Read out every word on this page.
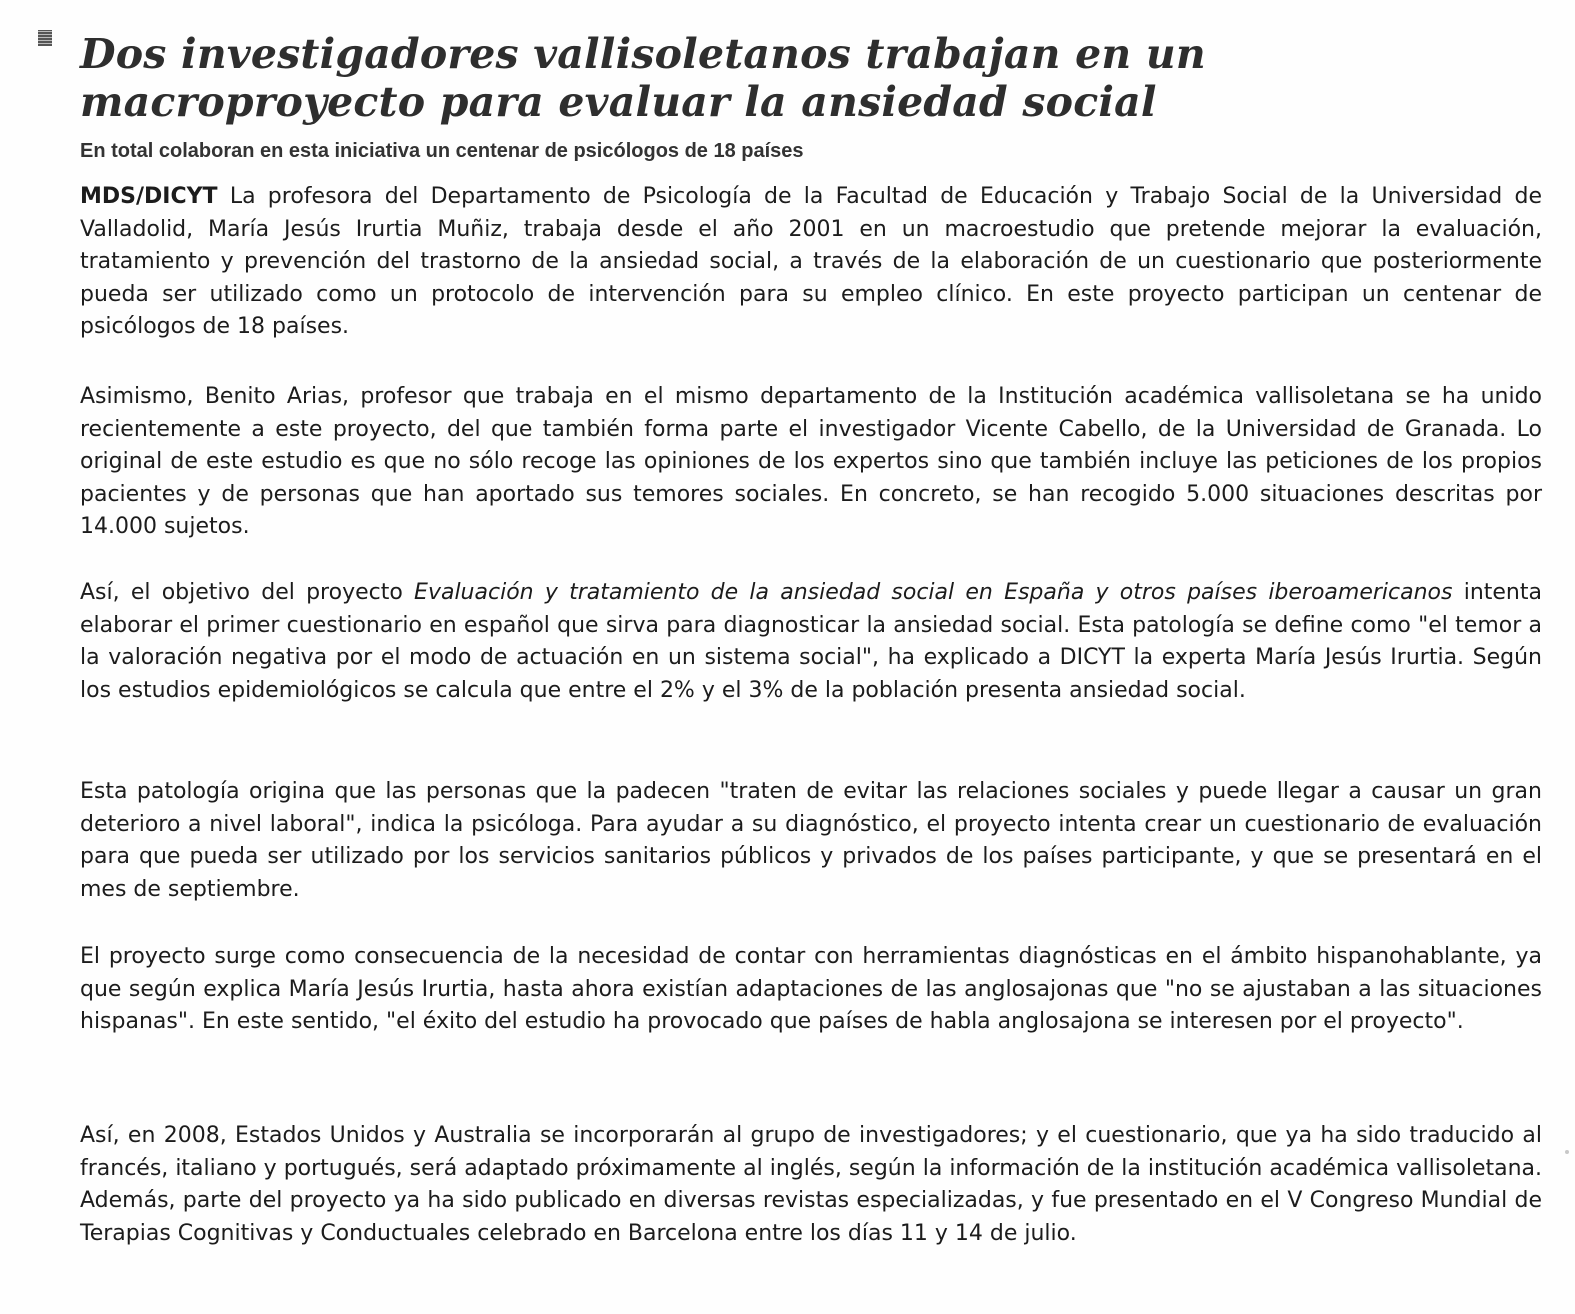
Dos investigadores vallisoletanos trabajan en un macroproyecto para evaluar la ansiedad social

En total colaboran en esta iniciativa un centenar de psicólogos de 18 países

MDS/DICYT La profesora del Departamento de Psicología de la Facultad de Educación y Trabajo Social de la Universidad de Valladolid, María Jesús Irurtia Muñiz, trabaja desde el año 2001 en un macroestudio que pretende mejorar la evaluación, tratamiento y prevención del trastorno de la ansiedad social, a través de la elaboración de un cuestionario que posteriormente pueda ser utilizado como un protocolo de intervención para su empleo clínico. En este proyecto participan un centenar de psicólogos de 18 países.

Asimismo, Benito Arias, profesor que trabaja en el mismo departamento de la Institución académica vallisoletana se ha unido recientemente a este proyecto, del que también forma parte el investigador Vicente Cabello, de la Universidad de Granada. Lo original de este estudio es que no sólo recoge las opiniones de los expertos sino que también incluye las peticiones de los propios pacientes y de personas que han aportado sus temores sociales. En concreto, se han recogido 5.000 situaciones descritas por 14.000 sujetos.

Así, el objetivo del proyecto Evaluación y tratamiento de la ansiedad social en España y otros países iberoamericanos intenta elaborar el primer cuestionario en español que sirva para diagnosticar la ansiedad social. Esta patología se define como "el temor a la valoración negativa por el modo de actuación en un sistema social", ha explicado a DICYT la experta María Jesús Irurtia. Según los estudios epidemiológicos se calcula que entre el 2% y el 3% de la población presenta ansiedad social.

Esta patología origina que las personas que la padecen "traten de evitar las relaciones sociales y puede llegar a causar un gran deterioro a nivel laboral", indica la psicóloga. Para ayudar a su diagnóstico, el proyecto intenta crear un cuestionario de evaluación para que pueda ser utilizado por los servicios sanitarios públicos y privados de los países participante, y que se presentará en el mes de septiembre.

El proyecto surge como consecuencia de la necesidad de contar con herramientas diagnósticas en el ámbito hispanohablante, ya que según explica María Jesús Irurtia, hasta ahora existían adaptaciones de las anglosajonas que "no se ajustaban a las situaciones hispanas". En este sentido, "el éxito del estudio ha provocado que países de habla anglosajona se interesen por el proyecto".

Así, en 2008, Estados Unidos y Australia se incorporarán al grupo de investigadores; y el cuestionario, que ya ha sido traducido al francés, italiano y portugués, será adaptado próximamente al inglés, según la información de la institución académica vallisoletana. Además, parte del proyecto ya ha sido publicado en diversas revistas especializadas, y fue presentado en el V Congreso Mundial de Terapias Cognitivas y Conductuales celebrado en Barcelona entre los días 11 y 14 de julio.
